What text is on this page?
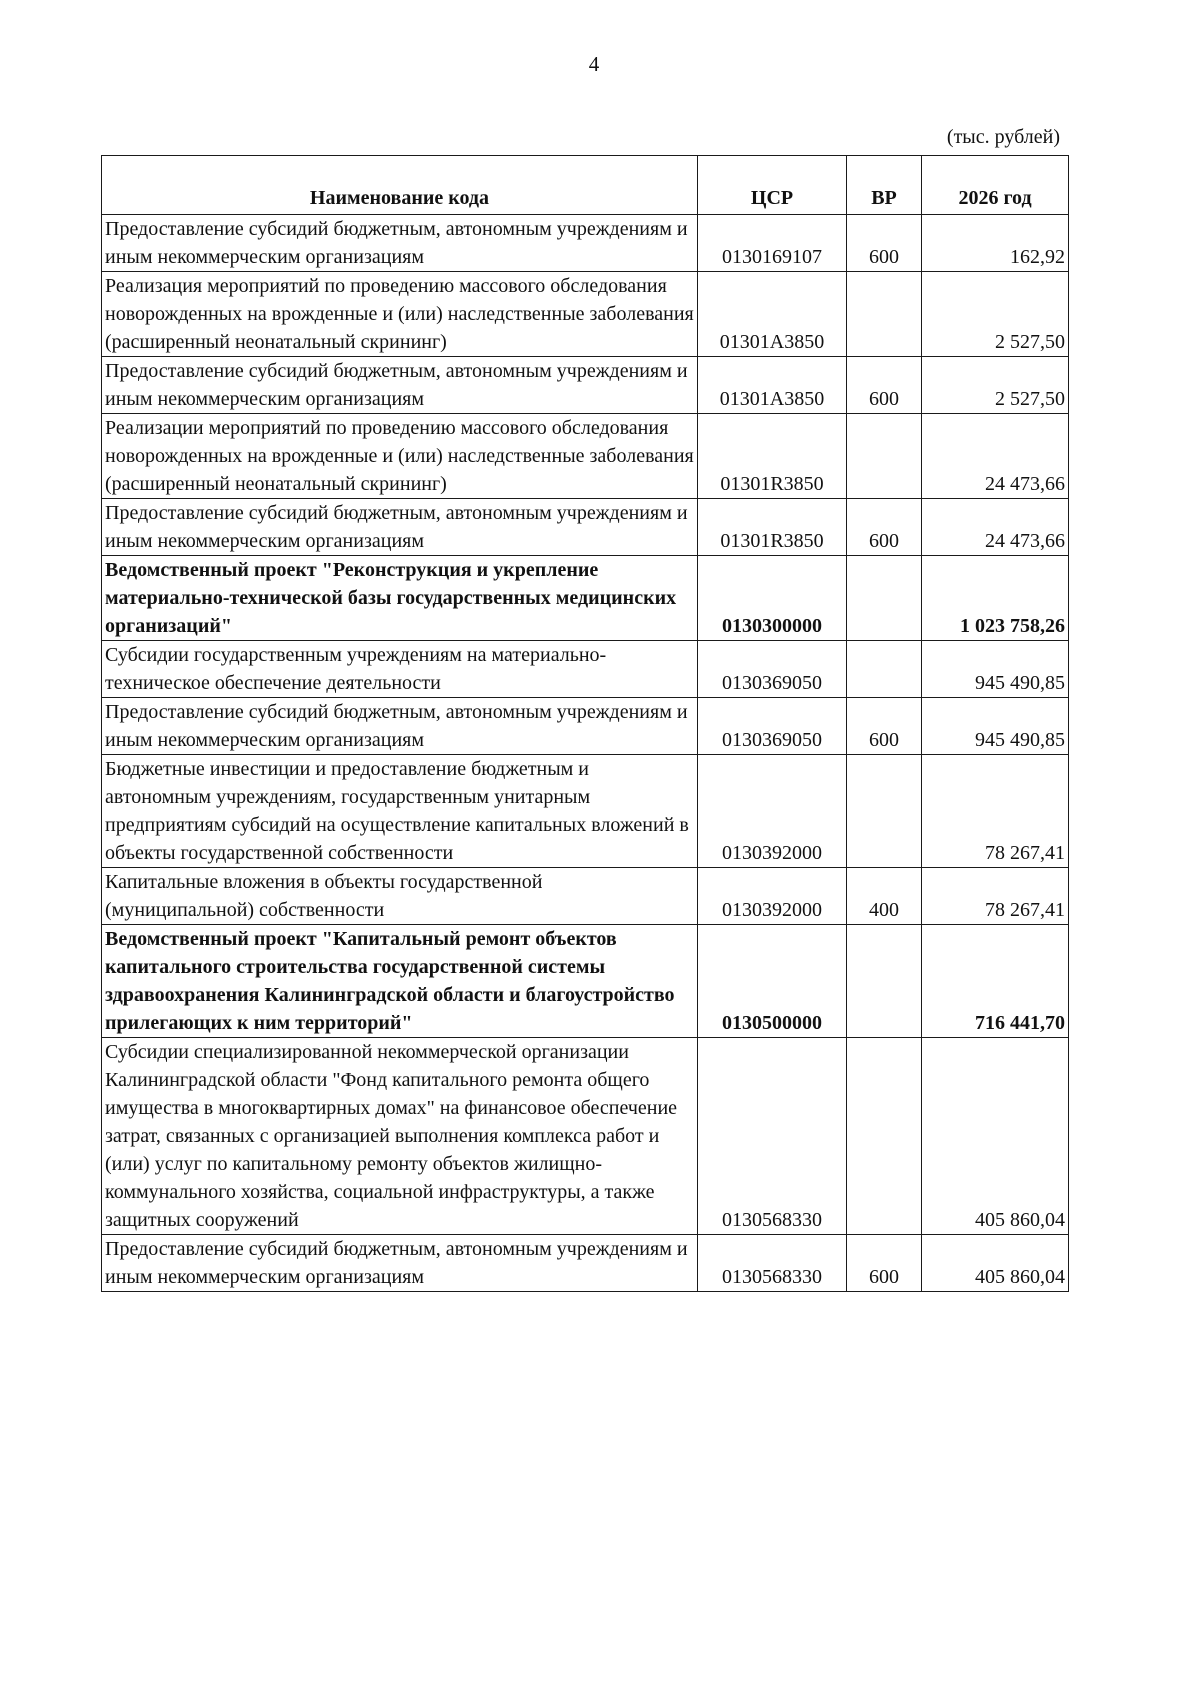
4
(тыс. рублей)
Наименование кода	ЦСР	ВР	2026 год
Предоставление субсидий бюджетным, автономным учреждениям и иным некоммерческим организациям	0130169107	600	162,92
Реализация мероприятий по проведению массового обследования новорожденных на врожденные и (или) наследственные заболевания (расширенный неонатальный скрининг)	01301А3850		2 527,50
Предоставление субсидий бюджетным, автономным учреждениям и иным некоммерческим организациям	01301А3850	600	2 527,50
Реализации мероприятий по проведению массового обследования новорожденных на врожденные и (или) наследственные заболевания (расширенный неонатальный скрининг)	01301R3850		24 473,66
Предоставление субсидий бюджетным, автономным учреждениям и иным некоммерческим организациям	01301R3850	600	24 473,66
Ведомственный проект "Реконструкция и укрепление материально-технической базы государственных медицинских организаций"	0130300000		1 023 758,26
Субсидии государственным учреждениям на материально-техническое обеспечение деятельности	0130369050		945 490,85
Предоставление субсидий бюджетным, автономным учреждениям и иным некоммерческим организациям	0130369050	600	945 490,85
Бюджетные инвестиции и предоставление бюджетным и автономным учреждениям, государственным унитарным предприятиям субсидий на осуществление капитальных вложений в объекты государственной собственности	0130392000		78 267,41
Капитальные вложения в объекты государственной (муниципальной) собственности	0130392000	400	78 267,41
Ведомственный проект "Капитальный ремонт объектов капитального строительства государственной системы здравоохранения Калининградской области и благоустройство прилегающих к ним территорий"	0130500000		716 441,70
Субсидии специализированной некоммерческой организации Калининградской области "Фонд капитального ремонта общего имущества в многоквартирных домах" на финансовое обеспечение затрат, связанных с организацией выполнения комплекса работ и (или) услуг по капитальному ремонту объектов жилищно-коммунального хозяйства, социальной инфраструктуры, а также защитных сооружений	0130568330		405 860,04
Предоставление субсидий бюджетным, автономным учреждениям и иным некоммерческим организациям	0130568330	600	405 860,04
